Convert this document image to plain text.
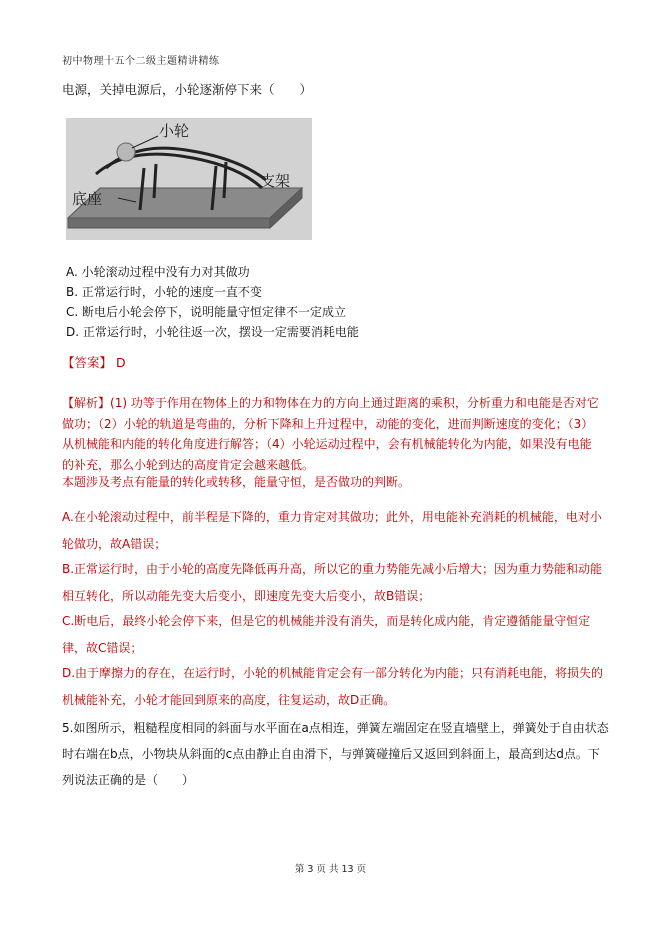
初中物理十五个二级主题精讲精练
电源，关掉电源后，小轮逐渐停下来（　　）
小轮
支架
底座
A. 小轮滚动过程中没有力对其做功
B. 正常运行时，小轮的速度一直不变
C. 断电后小轮会停下，说明能量守恒定律不一定成立
D. 正常运行时，小轮往返一次，摆设一定需要消耗电能
【答案】 D
【解析】(1) 功等于作用在物体上的力和物体在力的方向上通过距离的乘积，分析重力和电能是否对它做功；（2）小轮的轨道是弯曲的，分析下降和上升过程中，动能的变化，进而判断速度的变化；（3）从机械能和内能的转化角度进行解答；（4）小轮运动过程中，会有机械能转化为内能，如果没有电能的补充，那么小轮到达的高度肯定会越来越低。
本题涉及考点有能量的转化或转移，能量守恒，是否做功的判断。
A.在小轮滚动过程中，前半程是下降的，重力肯定对其做功；此外，用电能补充消耗的机械能，电对小轮做功，故A错误；
B.正常运行时，由于小轮的高度先降低再升高，所以它的重力势能先减小后增大；因为重力势能和动能相互转化，所以动能先变大后变小，即速度先变大后变小，故B错误；
C.断电后，最终小轮会停下来，但是它的机械能并没有消失，而是转化成内能，肯定遵循能量守恒定律，故C错误；
D.由于摩擦力的存在，在运行时，小轮的机械能肯定会有一部分转化为内能；只有消耗电能，将损失的机械能补充，小轮才能回到原来的高度，往复运动，故D正确。
5.如图所示，粗糙程度相同的斜面与水平面在a点相连，弹簧左端固定在竖直墙壁上，弹簧处于自由状态时右端在b点，小物块从斜面的c点由静止自由滑下，与弹簧碰撞后又返回到斜面上，最高到达d点。下列说法正确的是（　　）
第 3 页 共 13 页
